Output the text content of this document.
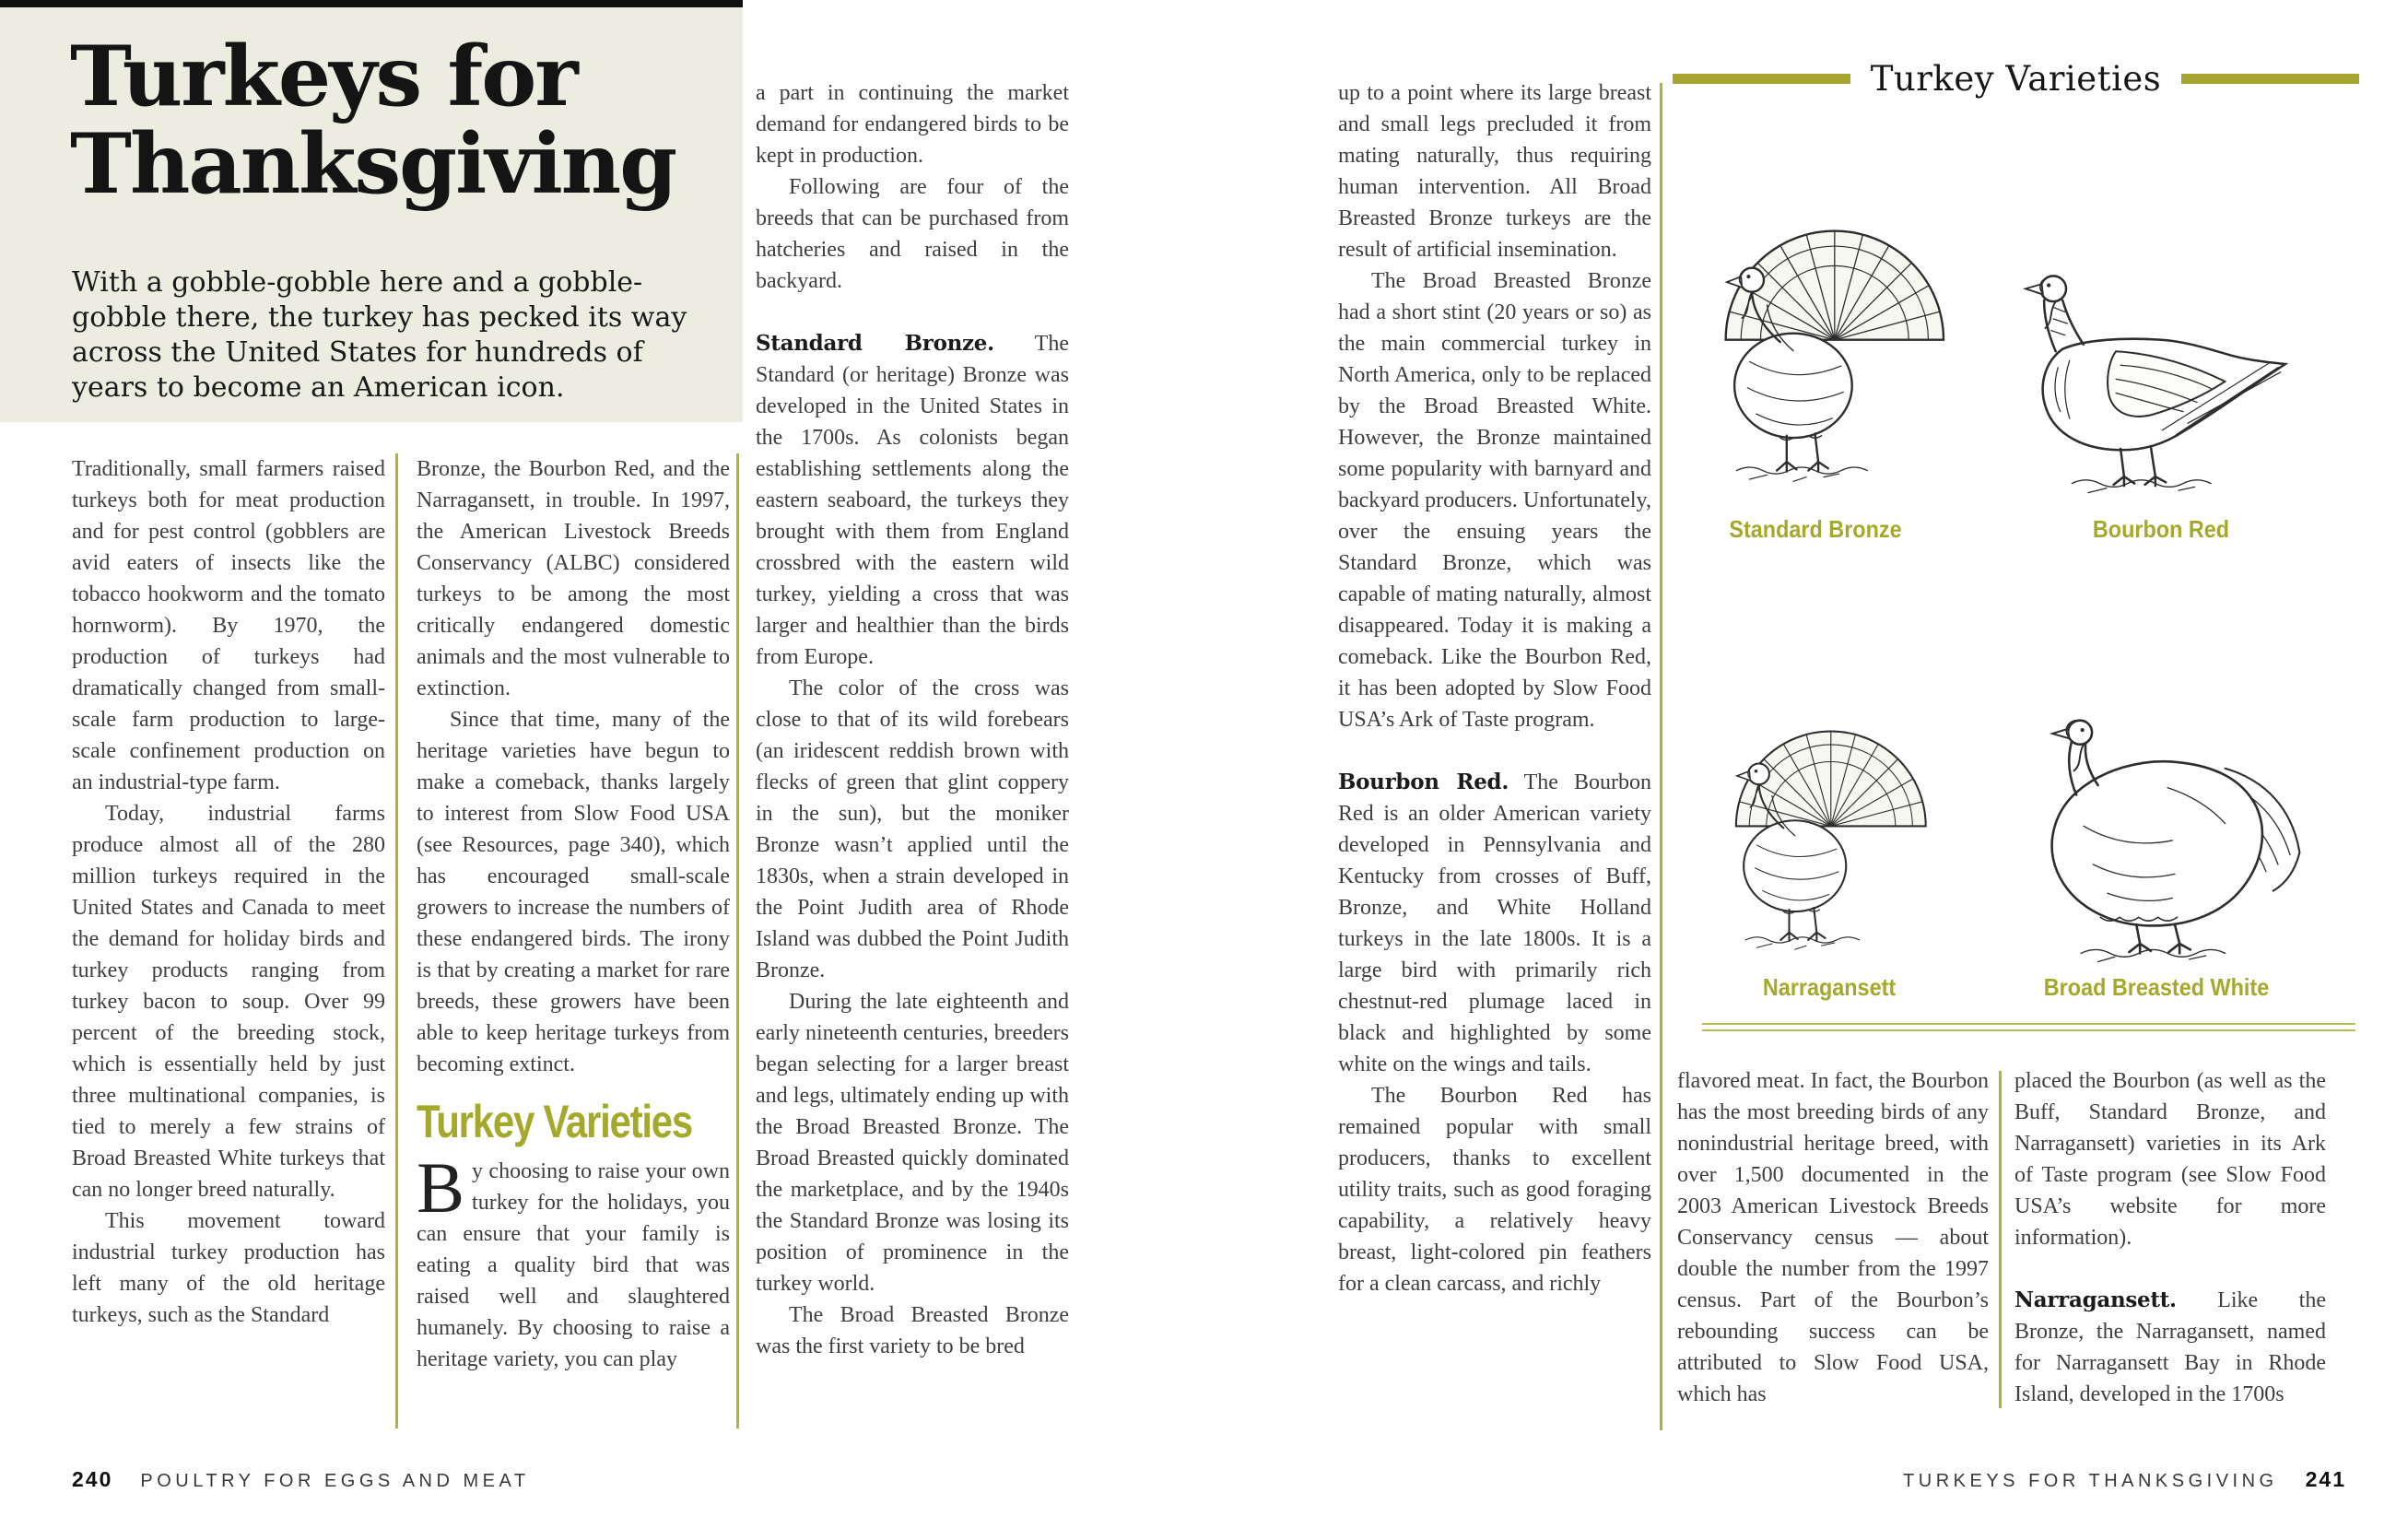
Turkeys for
Thanksgiving

With a gobble-gobble here and a gobble-gobble there, the turkey has pecked its way across the United States for hundreds of years to become an American icon.

Traditionally, small farmers raised turkeys both for meat production and for pest control (gobblers are avid eaters of insects like the tobacco hookworm and the tomato hornworm). By 1970, the production of turkeys had dramatically changed from small-scale farm production to large-scale confinement production on an industrial-type farm.

Today, industrial farms produce almost all of the 280 million turkeys required in the United States and Canada to meet the demand for holiday birds and turkey products ranging from turkey bacon to soup. Over 99 percent of the breeding stock, which is essentially held by just three multinational companies, is tied to merely a few strains of Broad Breasted White turkeys that can no longer breed naturally.

This movement toward industrial turkey production has left many of the old heritage turkeys, such as the Standard

Bronze, the Bourbon Red, and the Narragansett, in trouble. In 1997, the American Livestock Breeds Conservancy (ALBC) considered turkeys to be among the most critically endangered domestic animals and the most vulnerable to extinction.

Since that time, many of the heritage varieties have begun to make a comeback, thanks largely to interest from Slow Food USA (see Resources, page 340), which has encouraged small-scale growers to increase the numbers of these endangered birds. The irony is that by creating a market for rare breeds, these growers have been able to keep heritage turkeys from becoming extinct.

Turkey Varieties

By choosing to raise your own turkey for the holidays, you can ensure that your family is eating a quality bird that was raised well and slaughtered humanely. By choosing to raise a heritage variety, you can play

a part in continuing the market demand for endangered birds to be kept in production.

Following are four of the breeds that can be purchased from hatcheries and raised in the backyard.

Standard Bronze. The Standard (or heritage) Bronze was developed in the United States in the 1700s. As colonists began establishing settlements along the eastern seaboard, the turkeys they brought with them from England crossbred with the eastern wild turkey, yielding a cross that was larger and healthier than the birds from Europe.

The color of the cross was close to that of its wild forebears (an iridescent reddish brown with flecks of green that glint coppery in the sun), but the moniker Bronze wasn’t applied until the 1830s, when a strain developed in the Point Judith area of Rhode Island was dubbed the Point Judith Bronze.

During the late eighteenth and early nineteenth centuries, breeders began selecting for a larger breast and legs, ultimately ending up with the Broad Breasted Bronze. The Broad Breasted quickly dominated the marketplace, and by the 1940s the Standard Bronze was losing its position of prominence in the turkey world.

The Broad Breasted Bronze was the first variety to be bred

up to a point where its large breast and small legs precluded it from mating naturally, thus requiring human intervention. All Broad Breasted Bronze turkeys are the result of artificial insemination.

The Broad Breasted Bronze had a short stint (20 years or so) as the main commercial turkey in North America, only to be replaced by the Broad Breasted White. However, the Bronze maintained some popularity with barnyard and backyard producers. Unfortunately, over the ensuing years the Standard Bronze, which was capable of mating naturally, almost disappeared. Today it is making a comeback. Like the Bourbon Red, it has been adopted by Slow Food USA’s Ark of Taste program.

Bourbon Red. The Bourbon Red is an older American variety developed in Pennsylvania and Kentucky from crosses of Buff, Bronze, and White Holland turkeys in the late 1800s. It is a large bird with primarily rich chestnut-red plumage laced in black and highlighted by some white on the wings and tails.

The Bourbon Red has remained popular with small producers, thanks to excellent utility traits, such as good foraging capability, a relatively heavy breast, light-colored pin feathers for a clean carcass, and richly

flavored meat. In fact, the Bourbon has the most breeding birds of any nonindustrial heritage breed, with over 1,500 documented in the 2003 American Livestock Breeds Conservancy census — about double the number from the 1997 census. Part of the Bourbon’s rebounding success can be attributed to Slow Food USA, which has

placed the Bourbon (as well as the Buff, Standard Bronze, and Narragansett) varieties in its Ark of Taste program (see Slow Food USA’s website for more information).

Narragansett. Like the Bronze, the Narragansett, named for Narragansett Bay in Rhode Island, developed in the 1700s

Turkey Varieties
Standard Bronze	Bourbon Red
Narragansett	Broad Breasted White
240 POULTRY FOR EGGS AND MEAT	TURKEYS FOR THANKSGIVING 241
